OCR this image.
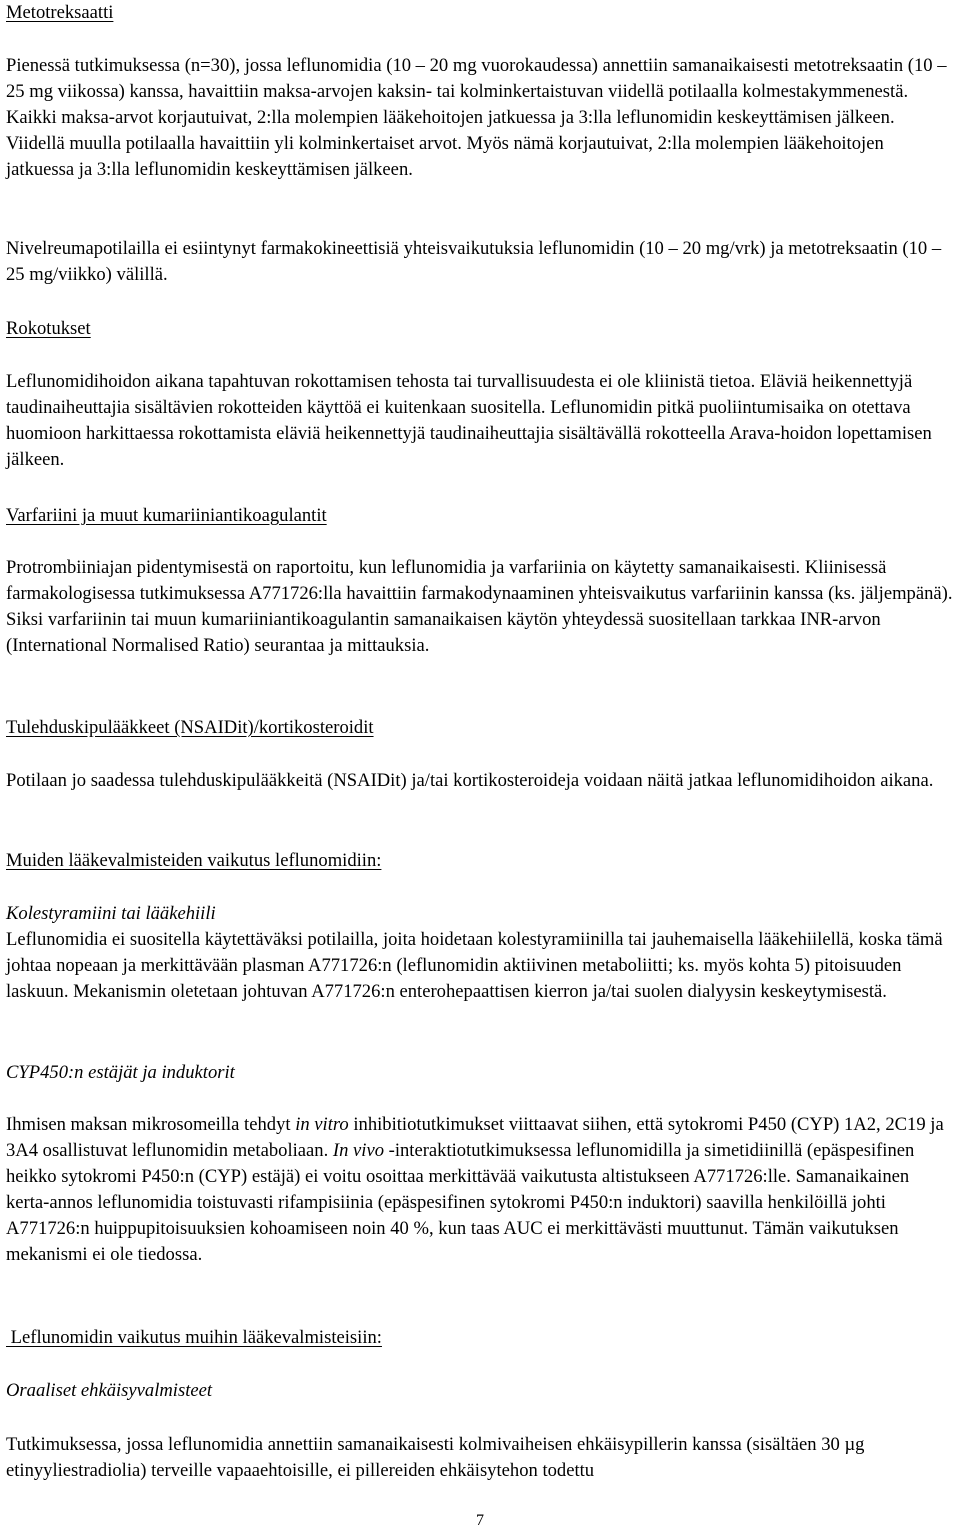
Metotreksaatti

Pienessä tutkimuksessa (n=30), jossa leflunomidia (10 – 20 mg vuorokaudessa) annettiin samanaikaisesti metotreksaatin (10 – 25 mg viikossa) kanssa, havaittiin maksa-arvojen kaksin- tai kolminkertaistuvan viidellä potilaalla kolmestakymmenestä. Kaikki maksa-arvot korjautuivat, 2:lla molempien lääkehoitojen jatkuessa ja 3:lla leflunomidin keskeyttämisen jälkeen. Viidellä muulla potilaalla havaittiin yli kolminkertaiset arvot. Myös nämä korjautuivat, 2:lla molempien lääkehoitojen jatkuessa ja 3:lla leflunomidin keskeyttämisen jälkeen.

Nivelreumapotilailla ei esiintynyt farmakokineettisiä yhteisvaikutuksia leflunomidin (10 – 20 mg/vrk) ja metotreksaatin (10 – 25 mg/viikko) välillä.

Rokotukset

Leflunomidihoidon aikana tapahtuvan rokottamisen tehosta tai turvallisuudesta ei ole kliinistä tietoa. Eläviä heikennettyjä taudinaiheuttajia sisältävien rokotteiden käyttöä ei kuitenkaan suositella. Leflunomidin pitkä puoliintumisaika on otettava huomioon harkittaessa rokottamista eläviä heikennettyjä taudinaiheuttajia sisältävällä rokotteella Arava-hoidon lopettamisen jälkeen.

Varfariini ja muut kumariiniantikoagulantit

Protrombiiniajan pidentymisestä on raportoitu, kun leflunomidia ja varfariinia on käytetty samanaikaisesti. Kliinisessä farmakologisessa tutkimuksessa A771726:lla havaittiin farmakodynaaminen yhteisvaikutus varfariinin kanssa (ks. jäljempänä). Siksi varfariinin tai muun kumariiniantikoagulantin samanaikaisen käytön yhteydessä suositellaan tarkkaa INR-arvon (International Normalised Ratio) seurantaa ja mittauksia.

Tulehduskipulääkkeet (NSAIDit)/kortikosteroidit

Potilaan jo saadessa tulehduskipulääkkeitä (NSAIDit) ja/tai kortikosteroideja voidaan näitä jatkaa leflunomidihoidon aikana.

Muiden lääkevalmisteiden vaikutus leflunomidiin:

Kolestyramiini tai lääkehiili

Leflunomidia ei suositella käytettäväksi potilailla, joita hoidetaan kolestyramiinilla tai jauhemaisella lääkehiilellä, koska tämä johtaa nopeaan ja merkittävään plasman A771726:n (leflunomidin aktiivinen metaboliitti; ks. myös kohta 5) pitoisuuden laskuun. Mekanismin oletetaan johtuvan A771726:n enterohepaattisen kierron ja/tai suolen dialyysin keskeytymisestä.

CYP450:n estäjät ja induktorit

Ihmisen maksan mikrosomeilla tehdyt in vitro inhibitiotutkimukset viittaavat siihen, että sytokromi P450 (CYP) 1A2, 2C19 ja 3A4 osallistuvat leflunomidin metaboliaan. In vivo -interaktiotutkimuksessa leflunomidilla ja simetidiinillä (epäspesifinen heikko sytokromi P450:n (CYP) estäjä) ei voitu osoittaa merkittävää vaikutusta altistukseen A771726:lle. Samanaikainen kerta-annos leflunomidia toistuvasti rifampisiinia (epäspesifinen sytokromi P450:n induktori) saavilla henkilöillä johti A771726:n huippupitoisuuksien kohoamiseen noin 40 %, kun taas AUC ei merkittävästi muuttunut. Tämän vaikutuksen mekanismi ei ole tiedossa.

Leflunomidin vaikutus muihin lääkevalmisteisiin:

Oraaliset ehkäisyvalmisteet

Tutkimuksessa, jossa leflunomidia annettiin samanaikaisesti kolmivaiheisen ehkäisypillerin kanssa (sisältäen 30 µg etinyyliestradiolia) terveille vapaaehtoisille, ei pillereiden ehkäisytehon todettu

7
